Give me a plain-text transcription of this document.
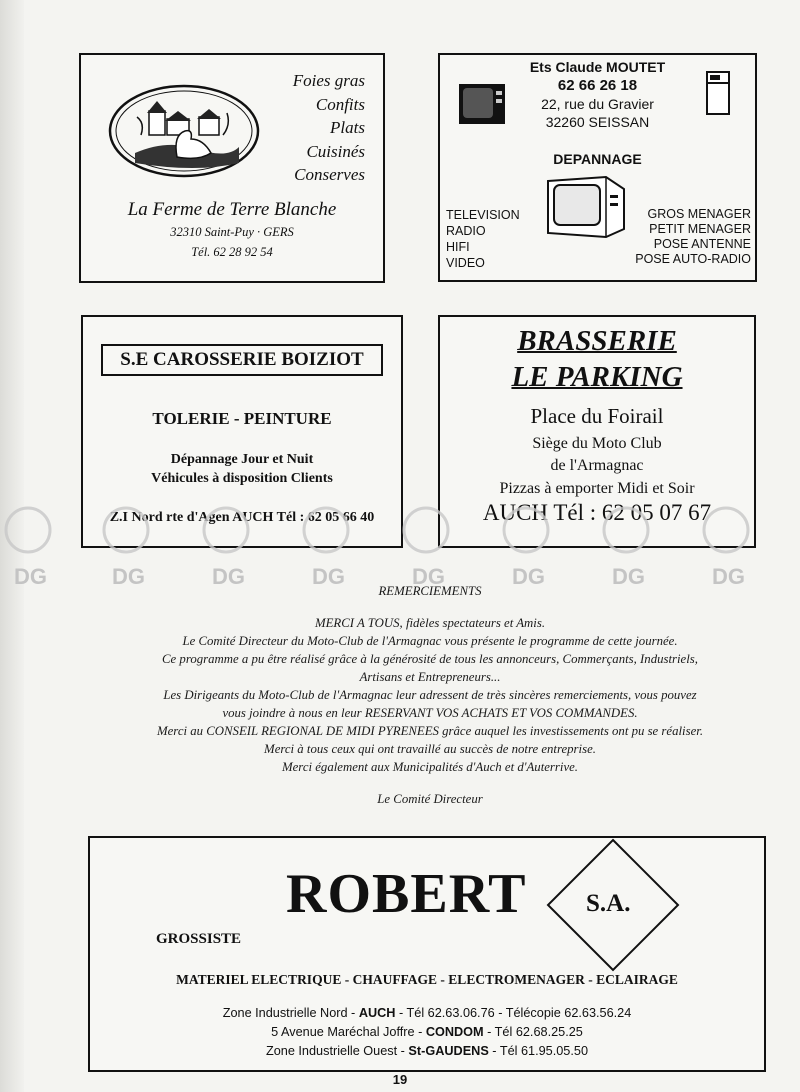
Foies gras
Confits
Plats
Cuisinés
Conserves
La Ferme de Terre Blanche
32310 Saint-Puy · GERS
Tél. 62 28 92 54
Ets Claude MOUTET
62 66 26 18
22, rue du Gravier
32260 SEISSAN
DEPANNAGE
TELEVISION
RADIO
HIFI
VIDEO
GROS MENAGER
PETIT MENAGER
POSE ANTENNE
POSE AUTO-RADIO
S.E CAROSSERIE BOIZIOT
TOLERIE - PEINTURE
Dépannage Jour et Nuit
Véhicules à disposition Clients
Z.I Nord rte d'Agen AUCH Tél : 62 05 66 40
BRASSERIE
LE PARKING
Place du Foirail
Siège du Moto Club
de l'Armagnac
Pizzas à emporter Midi et Soir
AUCH Tél : 62 05 07 67
DG	DG	DG	DG	DG	DG	DG	DG
REMERCIEMENTS
MERCI A TOUS, fidèles spectateurs et Amis.
Le Comité Directeur du Moto-Club de l'Armagnac vous présente le programme de cette journée.
Ce programme a pu être réalisé grâce à la générosité de tous les annonceurs, Commerçants, Industriels,
Artisans et Entrepreneurs...
Les Dirigeants du Moto-Club de l'Armagnac leur adressent de très sincères remerciements, vous pouvez
vous joindre à nous en leur RESERVANT VOS ACHATS ET VOS COMMANDES.
Merci au CONSEIL REGIONAL DE MIDI PYRENEES grâce auquel les investissements ont pu se réaliser.
Merci à tous ceux qui ont travaillé au succès de notre entreprise.
Merci également aux Municipalités d'Auch et d'Auterrive.
Le Comité Directeur
ROBERT S.A.
GROSSISTE
MATERIEL ELECTRIQUE - CHAUFFAGE - ELECTROMENAGER - ECLAIRAGE
Zone Industrielle Nord - AUCH - Tél 62.63.06.76 - Télécopie 62.63.56.24
5 Avenue Maréchal Joffre - CONDOM - Tél 62.68.25.25
Zone Industrielle Ouest - St-GAUDENS - Tél 61.95.05.50
19
